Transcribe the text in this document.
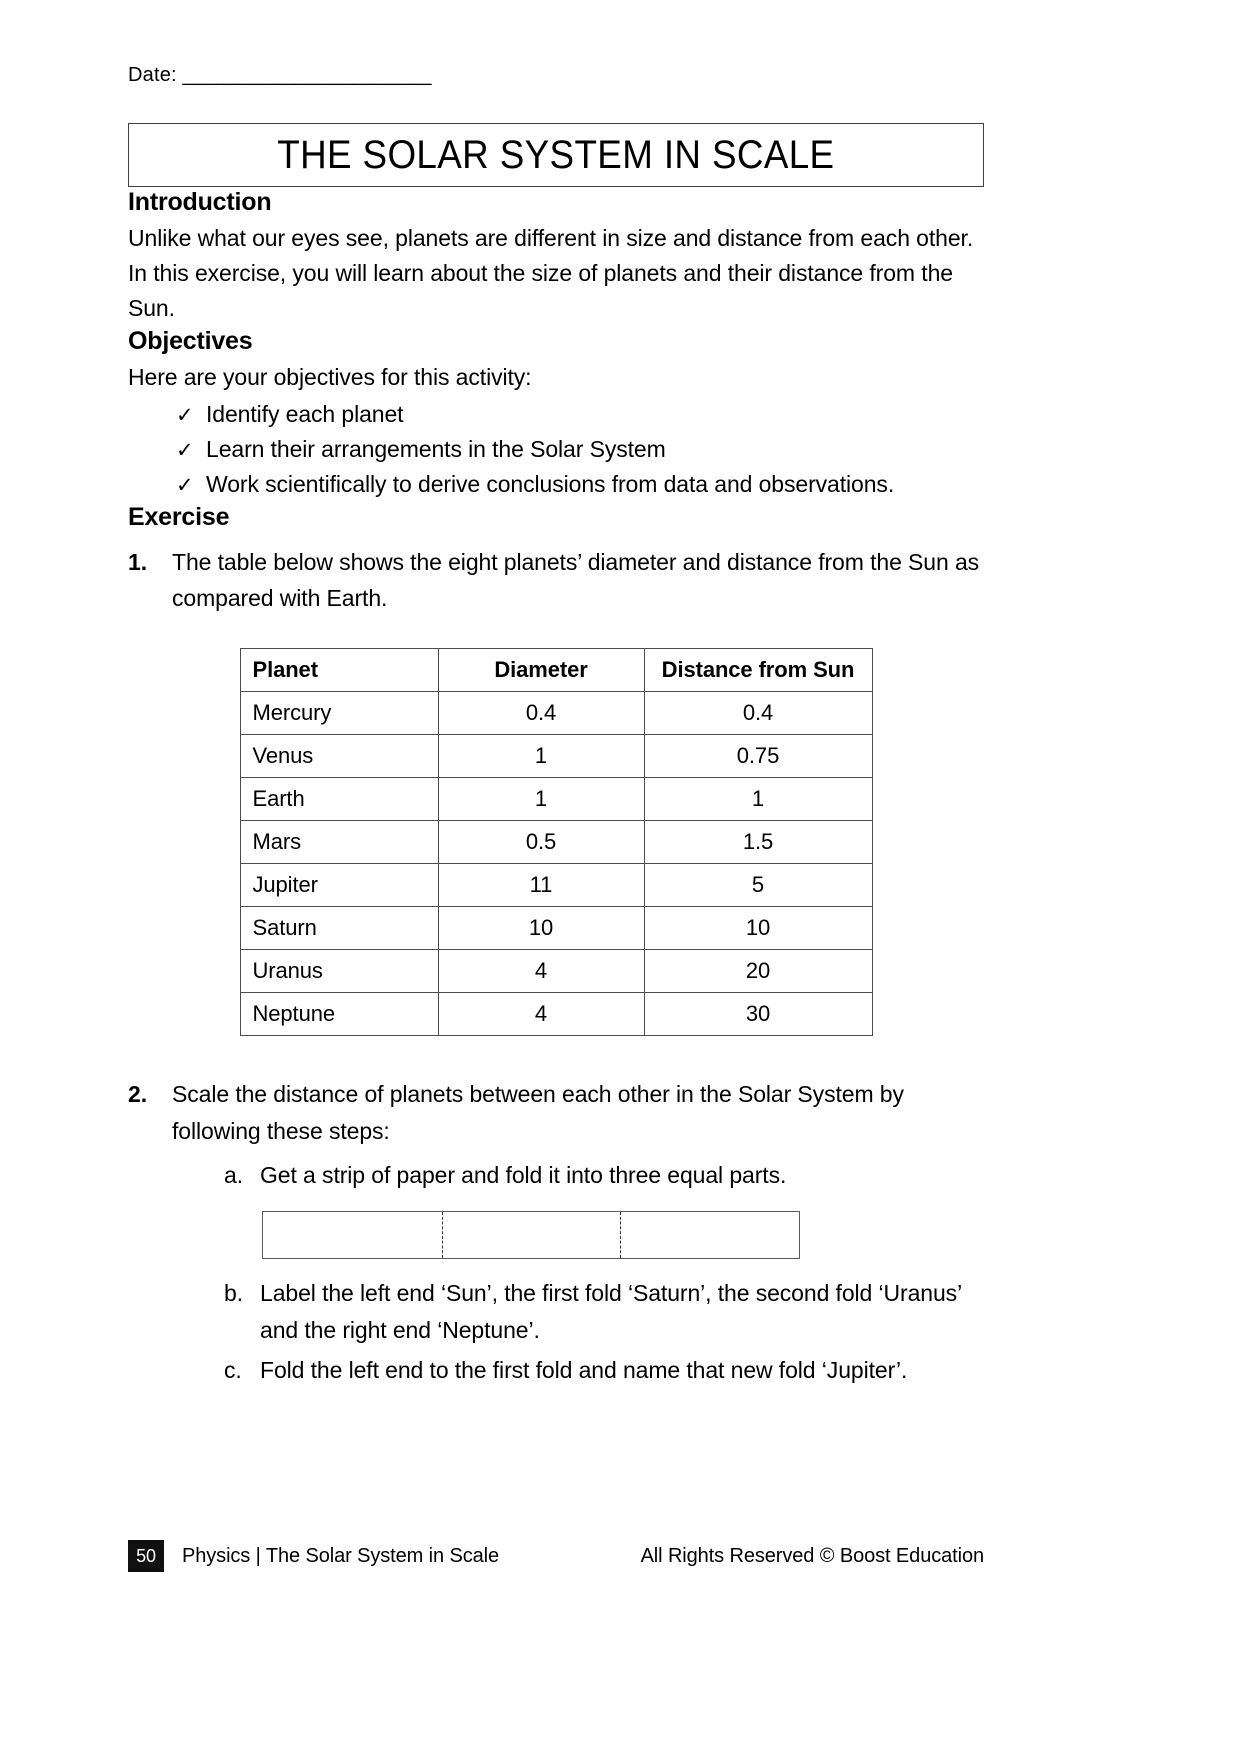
Date: ______________________
THE SOLAR SYSTEM IN SCALE
Introduction

Unlike what our eyes see, planets are different in size and distance from each other. In this exercise, you will learn about the size of planets and their distance from the Sun.

Objectives

Here are your objectives for this activity:

✓ Identify each planet
✓ Learn their arrangements in the Solar System
✓ Work scientifically to derive conclusions from data and observations.
Exercise
1.	The table below shows the eight planets’ diameter and distance from the Sun as compared with Earth.
Planet	Diameter	Distance from Sun
Mercury	0.4	0.4
Venus	1	0.75
Earth	1	1
Mars	0.5	1.5
Jupiter	11	5
Saturn	10	10
Uranus	4	20
Neptune	4	30
2.	Scale the distance of planets between each other in the Solar System by following these steps:
a. Get a strip of paper and fold it into three equal parts.
b. Label the left end ‘Sun’, the first fold ‘Saturn’, the second fold ‘Uranus’ and the right end ‘Neptune’.
c. Fold the left end to the first fold and name that new fold ‘Jupiter’.
50	Physics | The Solar System in Scale	All Rights Reserved © Boost Education
